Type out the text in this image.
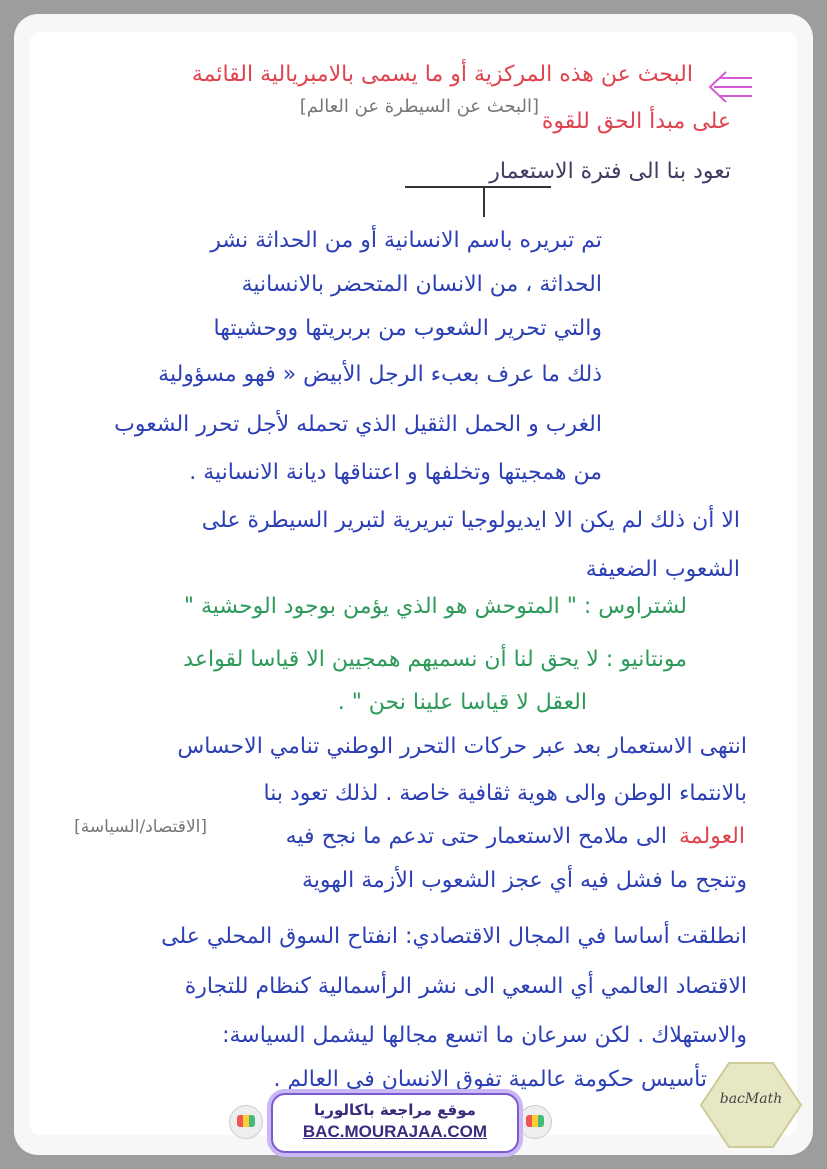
البحث عن هذه المركزية أو ما يسمى بالامبريالية القائمة
على مبدأ الحق للقوة
[البحث عن السيطرة عن العالم]
تعود بنا الى فترة الاستعمار
تم تبريره باسم الانسانية أو من الحداثة نشر
الحداثة ، من الانسان المتحضر بالانسانية
والتي تحرير الشعوب من بربريتها ووحشيتها
ذلك ما عرف بعبء الرجل الأبيض « فهو مسؤولية
الغرب و الحمل الثقيل الذي تحمله لأجل تحرر الشعوب
من همجيتها وتخلفها و اعتناقها ديانة الانسانية .
الا أن ذلك لم يكن الا ايديولوجيا تبريرية لتبرير السيطرة على
الشعوب الضعيفة
لشتراوس : " المتوحش هو الذي يؤمن بوجود الوحشية "
مونتانيو : لا يحق لنا أن نسميهم همجيين الا قياسا لقواعد
العقل لا قياسا علينا نحن " .
انتهى الاستعمار بعد عبر حركات التحرر الوطني تنامي الاحساس
بالانتماء الوطن والى هوية ثقافية خاصة . لذلك تعود بنا
العولمة
الى ملامح الاستعمار حتى تدعم ما نجح فيه
[الاقتصاد/السياسة]
وتنجح ما فشل فيه أي عجز الشعوب الأزمة الهوية
انطلقت أساسا في المجال الاقتصادي: انفتاح السوق المحلي على
الاقتصاد العالمي أي السعي الى نشر الرأسمالية كنظام للتجارة
والاستهلاك . لكن سرعان ما اتسع مجالها ليشمل السياسة:
تأسيس حكومة عالمية تفوق الانسان في العالم .
موقع مراجعة باكالوريا
BAC.MOURAJAA.COM
bacMath
